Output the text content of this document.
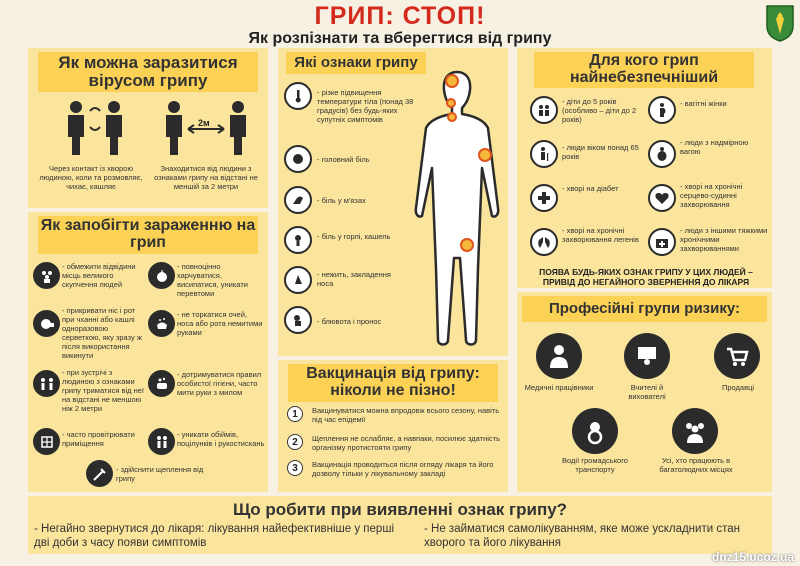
ГРИП: СТОП!
Як розпізнати та вберегтися від грипу
Як можна заразитися вірусом грипу
2м
Через контакт із хворою людиною, коли та розмовляє, чихає, кашляє
Знаходитися від людини з ознаками грипу на відстані не меншій за 2 метри
Як запобігти зараженню на грип
- обмежити відвідини місць великого скупчення людей
- повноцінно харчуватися, висипатися, уникати перевтоми
- прикривати ніс і рот при чханні або кашлі одноразовою серветкою, яку зразу ж після використання викинути
- не торкатися очей, носа або рота немитими руками
- при зустрічі з людиною з ознаками грипу триматися від неї на відстані не меншою ніж 2 метри
- дотримуватися правил особистої гігієни, часто мити руки з милом
- часто провітрювати приміщення
- уникати обіймів, поцілунків і рукостискань
- здійснити щеплення від грипу
Які ознаки грипу
- різке підвищення температури тіла (понад 38 градусів) без будь-яких супутніх симптомів
- головний біль
- біль у м'язах
- біль у горлі, кашель
- нежить, закладення носа
- блювота і пронос
Вакцинація від грипу: ніколи не пізно!
1	Вакцинуватися можна впродовж всього сезону, навіть під час епідемії
2	Щеплення не ослабляє, а навпаки, посилює здатність організму протистояти грипу
3	Вакцинація проводиться після огляду лікаря та його дозволу тільки у лікувальному закладі
Для кого грип найнебезпечніший
- діти до 5 років (особливо – діти до 2 років)
- вагітні жінки
- люди віком понад 65 років
- люди з надмірною вагою
- хворі на діабет	- хворі на хронічні серцево-судинні захворювання
- хворі на хронічні захворювання легенів
- люди з іншими тяжкими хронічними захворюваннями
ПОЯВА БУДЬ-ЯКИХ ОЗНАК ГРИПУ У ЦИХ ЛЮДЕЙ – ПРИВІД ДО НЕГАЙНОГО ЗВЕРНЕННЯ ДО ЛІКАРЯ
Професійні групи ризику:
Медичні працівники	Вчителі й вихователі
Продавці
Водії громадського транспорту
Усі, хто працюють в багатолюдних місцях
Що робити при виявленні ознак грипу?
- Негайно звернутися до лікаря: лікування найефективніше у перші дві доби з часу появи симптомів
- Не займатися самолікуванням, яке може ускладнити стан хворого та його лікування
dnz15.ucoz.ua
